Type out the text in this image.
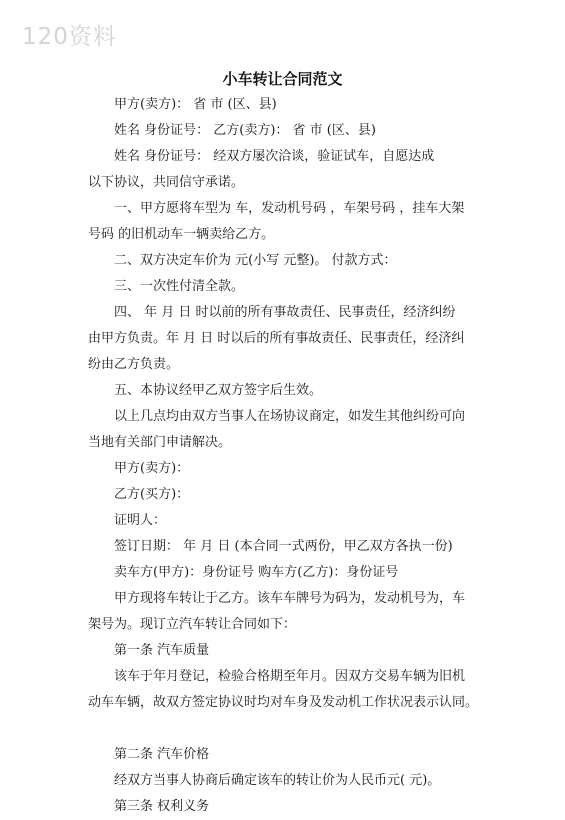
120资料
小车转让合同范文
甲方(卖方)： 省 市 (区、县)
姓名 身份证号： 乙方(卖方)： 省 市 (区、县)
姓名 身份证号： 经双方屡次洽谈，验证试车，自愿达成
以下协议，共同信守承诺。
一、甲方愿将车型为 车，发动机号码 ，车架号码 ，挂车大架
号码 的旧机动车一辆卖给乙方。
二、双方决定车价为 元(小写 元整)。 付款方式：
三、一次性付清全款。
四、 年 月 日 时以前的所有事故责任、民事责任，经济纠纷
由甲方负责。年 月 日 时以后的所有事故责任、民事责任，经济纠
纷由乙方负责。
五、本协议经甲乙双方签字后生效。
以上几点均由双方当事人在场协议商定，如发生其他纠纷可向
当地有关部门申请解决。
甲方(卖方)：
乙方(买方)：
证明人：
签订日期： 年 月 日 (本合同一式两份，甲乙双方各执一份)
卖车方(甲方)：身份证号 购车方(乙方)：身份证号
甲方现将车转让于乙方。该车车牌号为码为，发动机号为，车
架号为。现订立汽车转让合同如下：
第一条 汽车质量
该车于年月登记，检验合格期至年月。因双方交易车辆为旧机
动车车辆，故双方签定协议时均对车身及发动机工作状况表示认同。
第二条 汽车价格
经双方当事人协商后确定该车的转让价为人民币元( 元)。
第三条 权利义务
